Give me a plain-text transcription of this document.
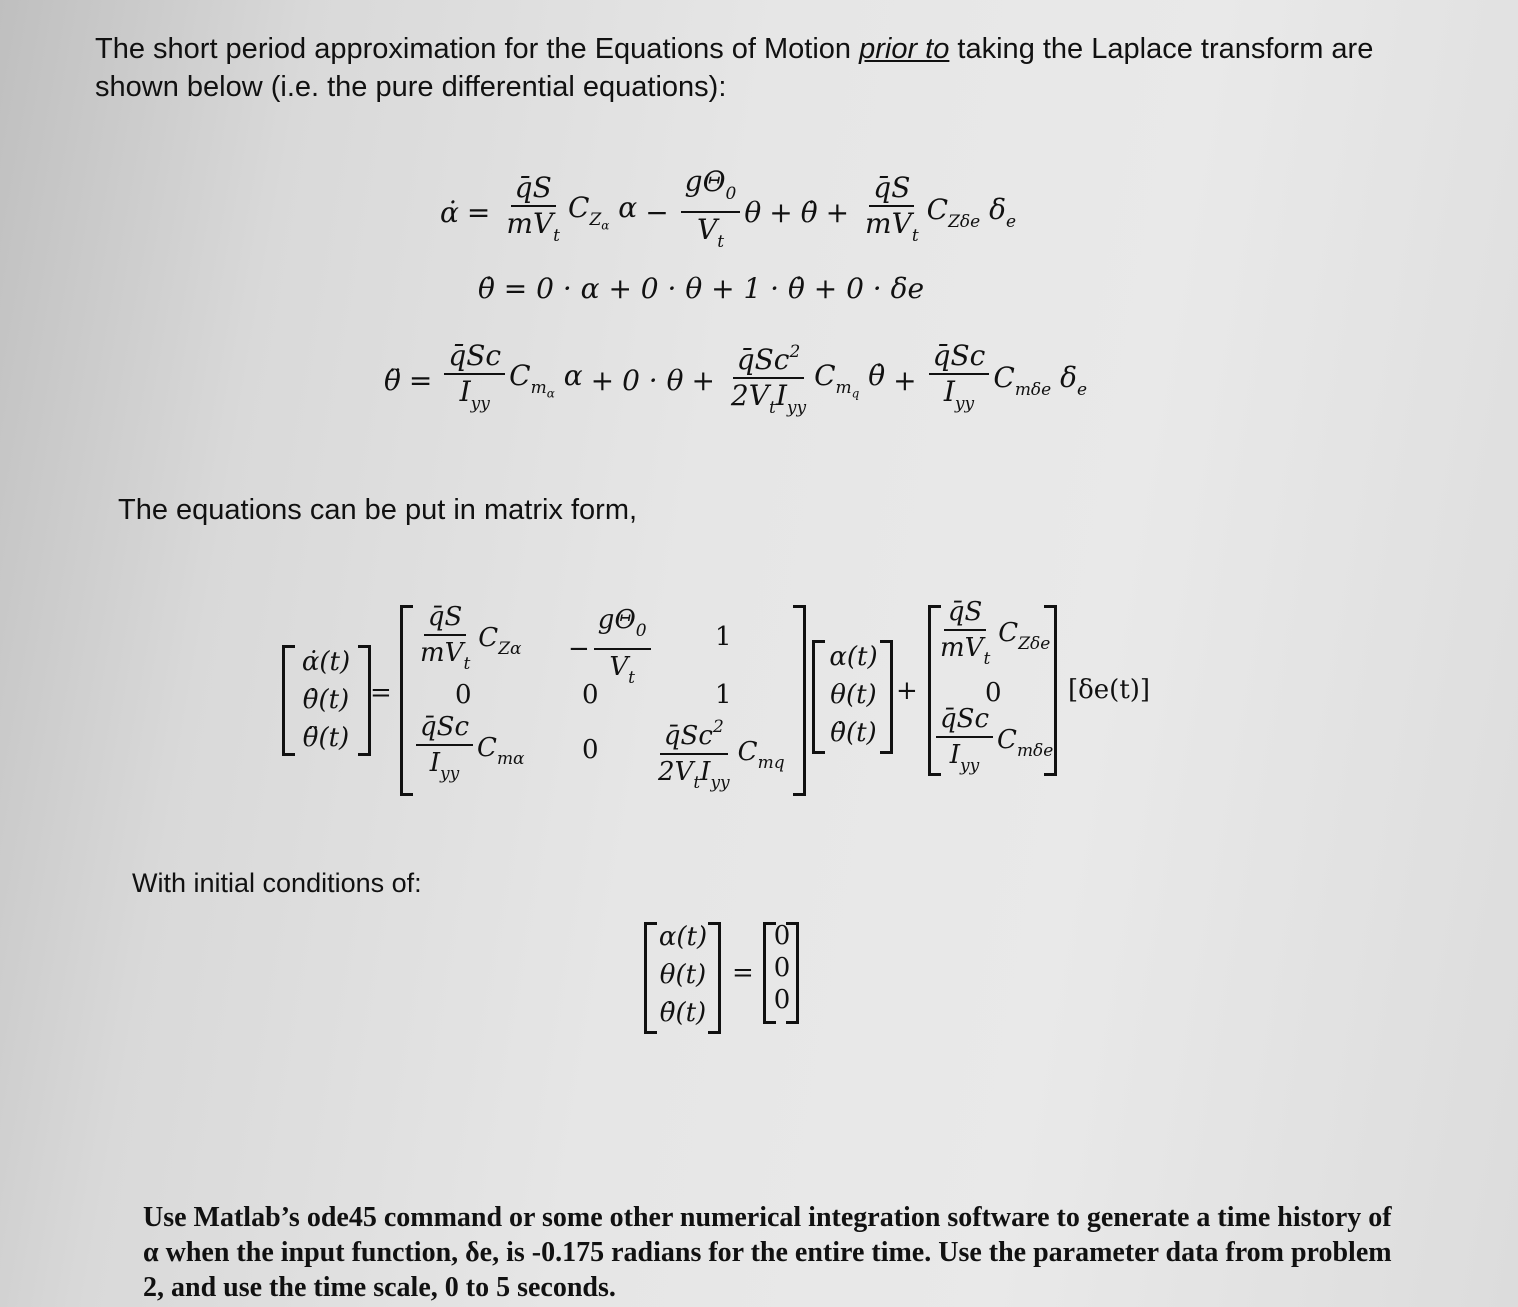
The short period approximation for the Equations of Motion prior to taking the Laplace transform are shown below (i.e. the pure differential equations):
α̇ = $\frac{q̄S}{mV_t} C_{Z_\alpha}$ $\alpha - \frac{g\Theta_0}{V_t}$ θ + θ̇ + $\frac{q̄S}{mV_t} C_{Z\delta e}$ $\delta_e$
θ̇ = 0 · α + 0 · θ + 1 · θ̇ + 0 · δe
θ̈ = $\frac{q̄Sc}{I_{yy}} C_{m_\alpha}$ $\alpha + 0 \cdot \theta + \frac{q̄Sc^2}{2V_tI_{yy}} C_{m_q}$ θ̇ + $\frac{q̄Sc}{I_{yy}} C_{m\delta e}$ $\delta_e$
The equations can be put in matrix form,
α̇(t)
θ̇(t)
θ̈(t)
=
$\frac{q̄S}{mV_t} C_{Z\alpha} - \frac{g\Theta_0}{V_t} 1$
0	0	1
$\frac{q̄Sc}{I_{yy}} C_{m\alpha}$ $0 \frac{q̄Sc^2}{2V_tI_{yy}} C_{mq}$
α(t)
θ(t)
θ̇(t)
+
$\frac{q̄S}{mV_t} C_{Z\delta e}$
0
$\frac{q̄Sc}{I_{yy}} C_{m\delta e}$
[δe(t)]
With initial conditions of:
α(t)
θ(t)
θ̇(t)
=
0
0
0
Use Matlab’s ode45 command or some other numerical integration software to generate a time history of α when the input function, δe, is -0.175 radians for the entire time. Use the parameter data from problem 2, and use the time scale, 0 to 5 seconds.
